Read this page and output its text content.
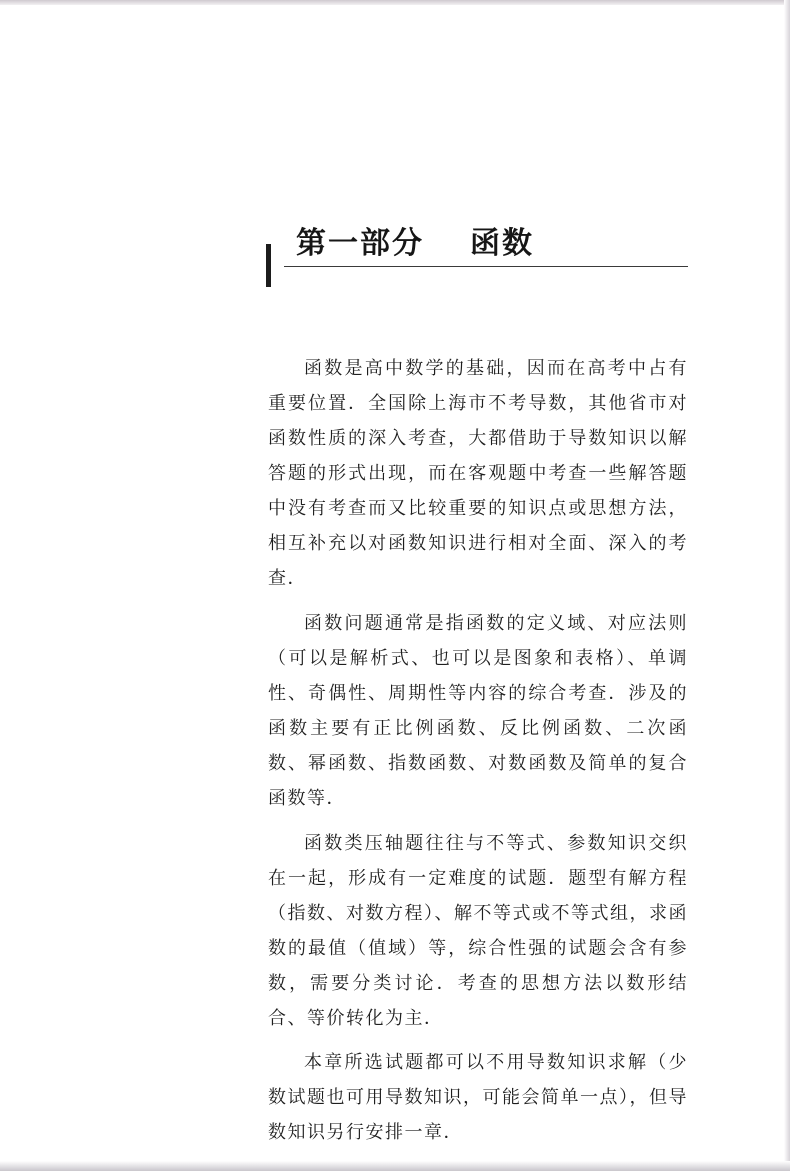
第一部分 函数

函数是高中数学的基础，因而在高考中占有重要位置．全国除上海市不考导数，其他省市对函数性质的深入考查，大都借助于导数知识以解答题的形式出现，而在客观题中考查一些解答题中没有考查而又比较重要的知识点或思想方法，相互补充以对函数知识进行相对全面、深入的考查．

函数问题通常是指函数的定义域、对应法则（可以是解析式、也可以是图象和表格）、单调性、奇偶性、周期性等内容的综合考查．涉及的函数主要有正比例函数、反比例函数、二次函数、幂函数、指数函数、对数函数及简单的复合函数等．

函数类压轴题往往与不等式、参数知识交织在一起，形成有一定难度的试题．题型有解方程（指数、对数方程）、解不等式或不等式组，求函数的最值（值域）等，综合性强的试题会含有参数，需要分类讨论．考查的思想方法以数形结合、等价转化为主．

本章所选试题都可以不用导数知识求解（少数试题也可用导数知识，可能会简单一点），但导数知识另行安排一章．
